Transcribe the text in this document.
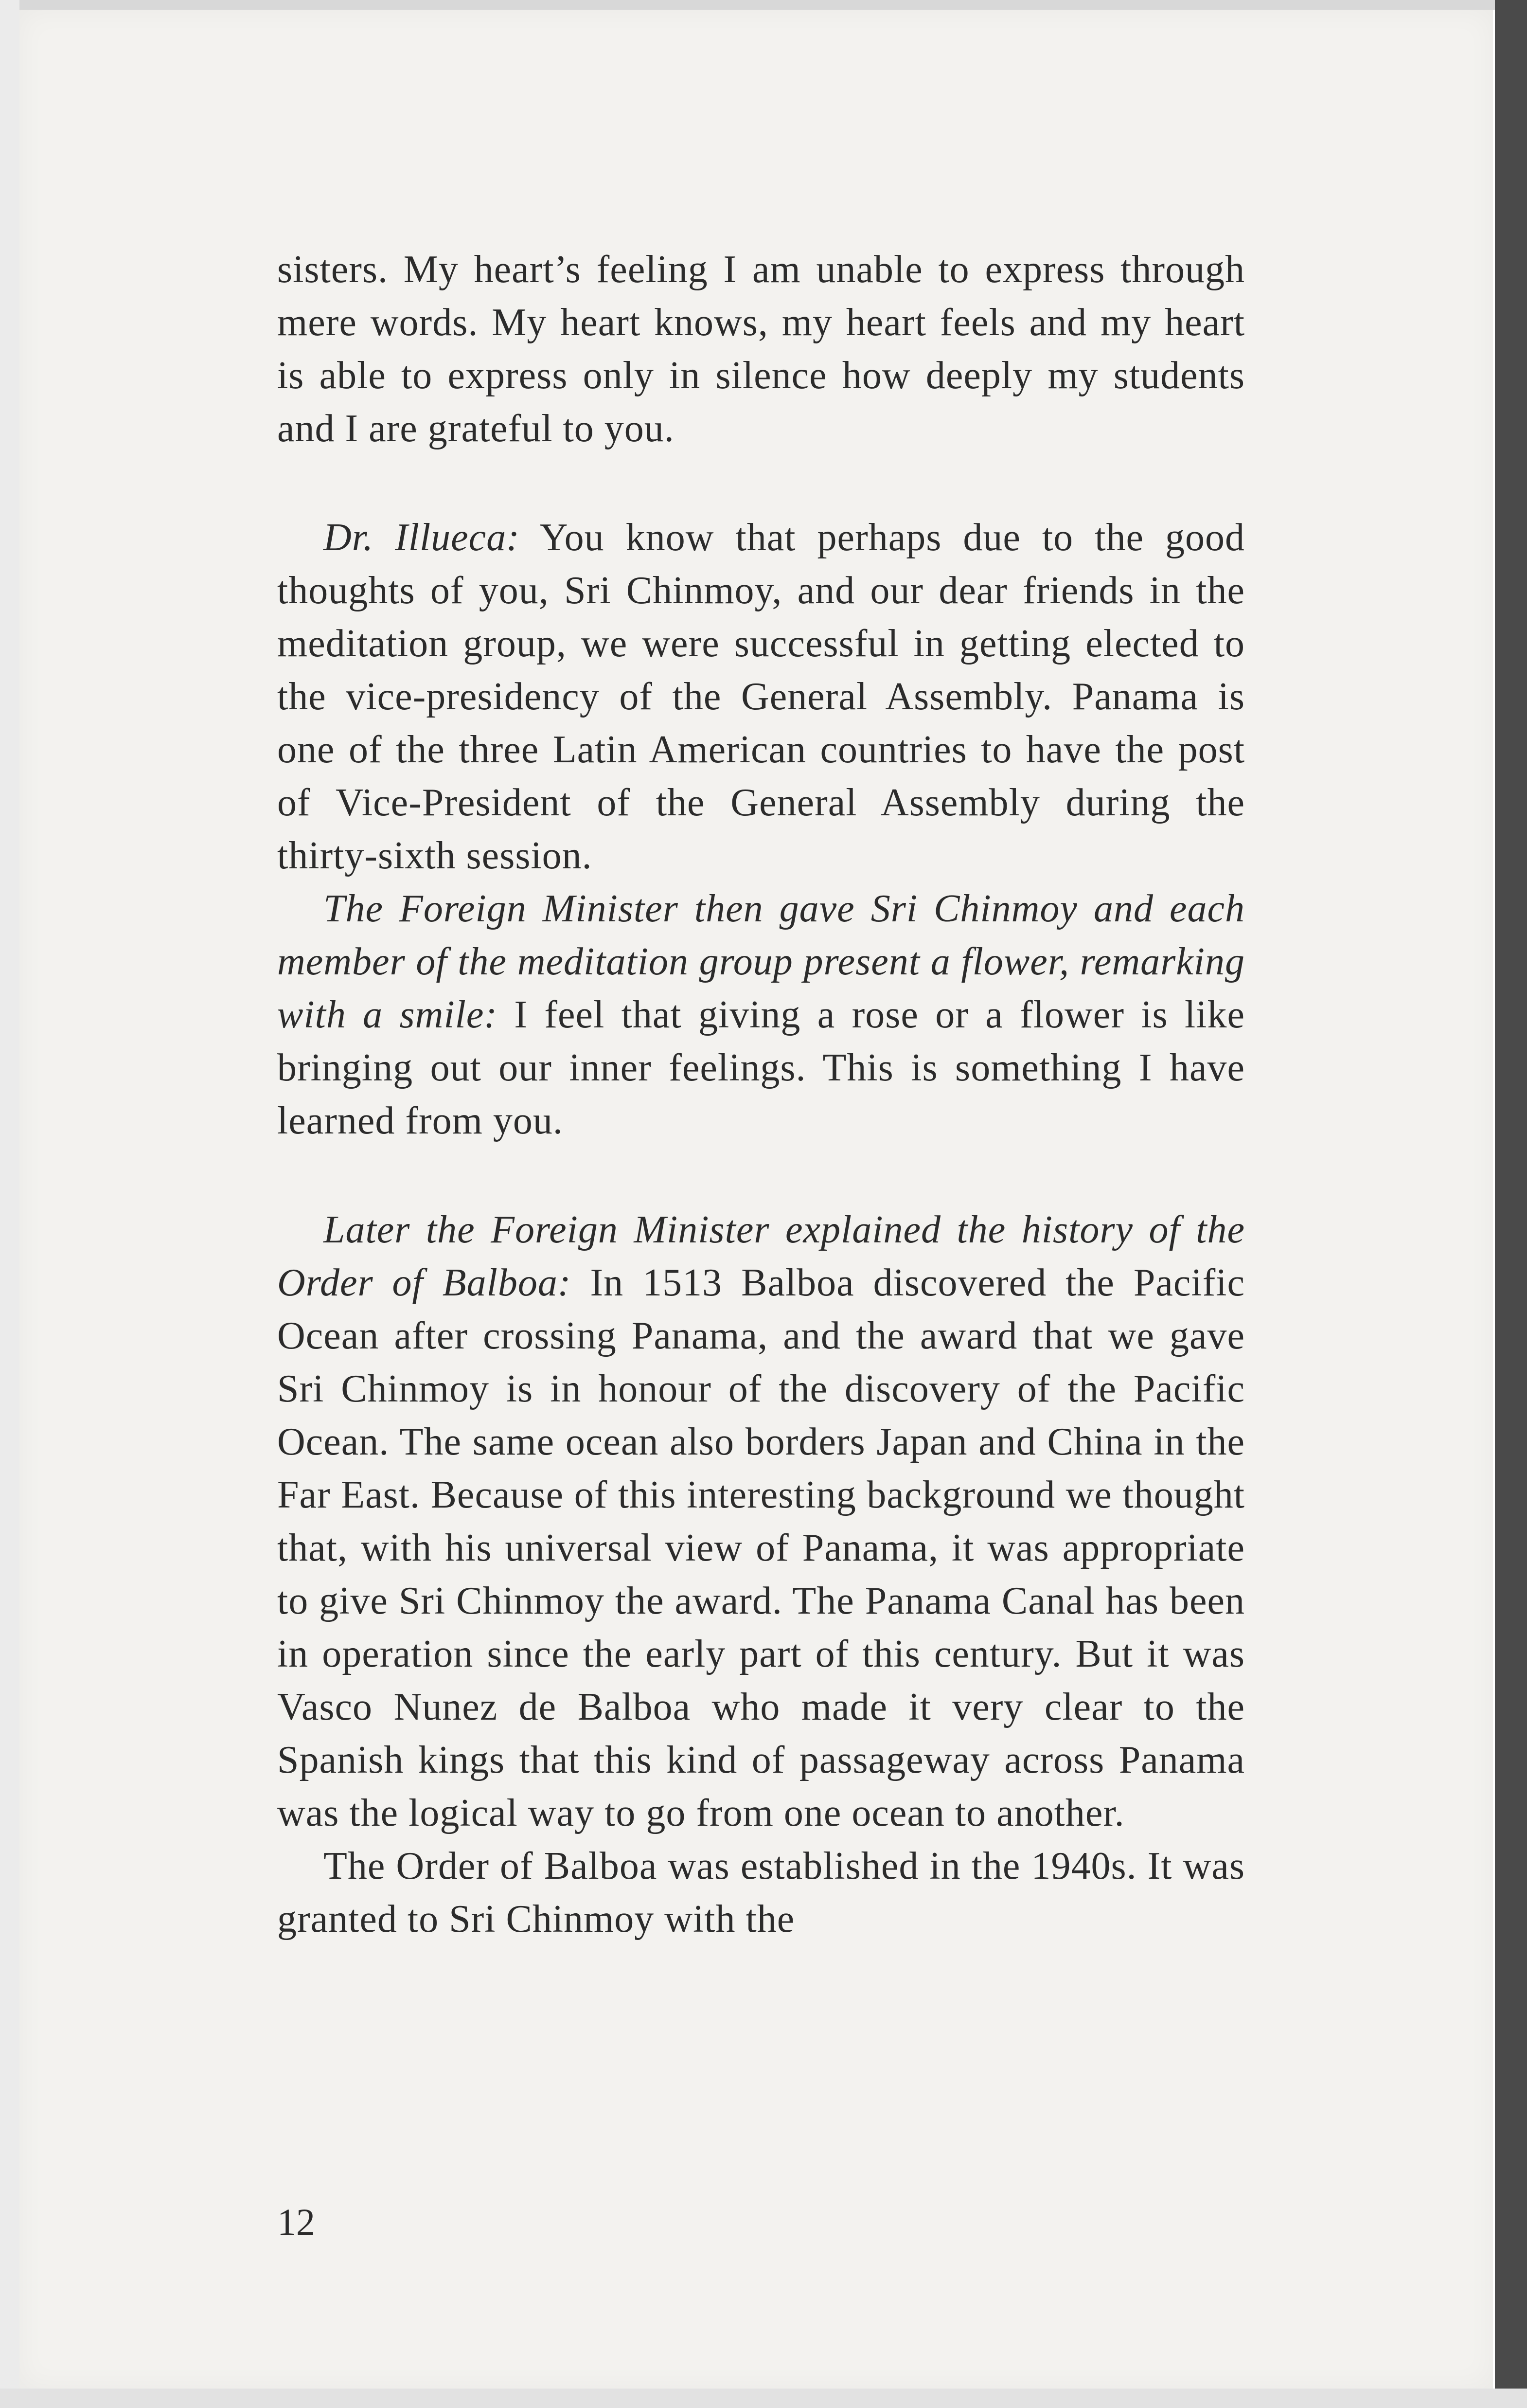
sisters. My heart’s feeling I am unable to express through mere words. My heart knows, my heart feels and my heart is able to express only in silence how deeply my students and I are grateful to you.

Dr. Illueca: You know that perhaps due to the good thoughts of you, Sri Chinmoy, and our dear friends in the meditation group, we were successful in getting elected to the vice-presidency of the General Assembly. Panama is one of the three Latin American countries to have the post of Vice-President of the General Assembly during the thirty-sixth session.

The Foreign Minister then gave Sri Chinmoy and each member of the meditation group present a flower, remarking with a smile: I feel that giving a rose or a flower is like bringing out our inner feelings. This is something I have learned from you.

Later the Foreign Minister explained the history of the Order of Balboa: In 1513 Balboa discovered the Pacific Ocean after crossing Panama, and the award that we gave Sri Chinmoy is in honour of the discovery of the Pacific Ocean. The same ocean also borders Japan and China in the Far East. Because of this interesting background we thought that, with his universal view of Panama, it was appropriate to give Sri Chinmoy the award. The Panama Canal has been in operation since the early part of this century. But it was Vasco Nunez de Balboa who made it very clear to the Spanish kings that this kind of passageway across Panama was the logical way to go from one ocean to another.

The Order of Balboa was established in the 1940s. It was granted to Sri Chinmoy with the

12
